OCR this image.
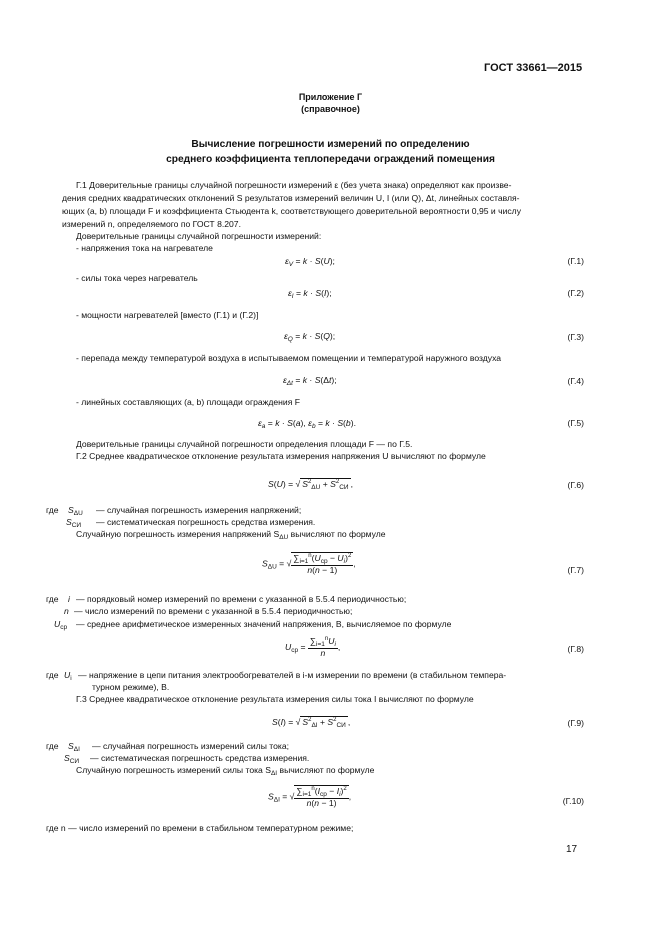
ГОСТ 33661—2015
Приложение Г
(справочное)
Вычисление погрешности измерений по определению
среднего коэффициента теплопередачи ограждений помещения
Г.1 Доверительные границы случайной погрешности измерений ε (без учета знака) определяют как произве-
дения средних квадратических отклонений S результатов измерений величин U, I (или Q), Δt, линейных составля-
ющих (a, b) площади F и коэффициента Стьюдента k, соответствующего доверительной вероятности 0,95 и числу
измерений n, определяемого по ГОСТ 8.207.
Доверительные границы случайной погрешности измерений:
- напряжения тока на нагревателе
$\varepsilon_V = k \cdot S(U)$;	(Г.1)
- силы тока через нагреватель
$\varepsilon_I = k \cdot S(I)$;	(Г.2)
- мощности нагревателей [вместо (Г.1) и (Г.2)]
$\varepsilon_Q = k \cdot S(Q)$;	(Г.3)
- перепада между температурой воздуха в испытываемом помещении и температурой наружного воздуха
$\varepsilon_{\Delta t} = k \cdot S(\Delta t)$;	(Г.4)
- линейных составляющих (a, b) площади ограждения F
$\varepsilon_a = k \cdot S(a)$, $\varepsilon_b = k \cdot S(b)$.	(Г.5)
Доверительные границы случайной погрешности определения площади F — по Г.5.
Г.2 Среднее квадратическое отклонение результата измерения напряжения U вычисляют по формуле
S(U) = √ $S^2_{\Delta U} + S^2_{СИ}$ ,	(Г.6)
где $S_{\Delta U}$ — случайная погрешность измерения напряжений;
$S_{СИ}$ — систематическая погрешность средства измерения.
Случайную погрешность измерения напряжений $S_{\Delta U}$ вычисляют по формуле
$S_{\Delta U}$ = √ $\frac{\sum_{i=1}^n(U_{ср} - U_i)^2}{n(n - 1)}$ ,
(Г.7)
где i — порядковый номер измерений по времени с указанной в 5.5.4 периодичностью;
n — число измерений по времени с указанной в 5.5.4 периодичностью;
$U_{ср}$ — среднее арифметическое измеренных значений напряжения, В, вычисляемое по формуле
$U_{ср} = \frac{\sum_{i=1}^nU_i}{n}$ ,	(Г.8)
где $U_i$ — напряжение в цепи питания электрообогревателей в i-м измерении по времени (в стабильном темпера-
турном режиме), В.
Г.3 Среднее квадратическое отклонение результата измерения силы тока I вычисляют по формуле
S(I) = √ $S^2_{\Delta I} + S^2_{СИ}$ ,	(Г.9)
где $S_{\Delta I}$ — случайная погрешность измерений силы тока;
$S_{СИ}$ — систематическая погрешность средства измерения.
Случайную погрешность измерений силы тока $S_{\Delta I}$ вычисляют по формуле
$S_{\Delta I}$ = √ $\frac{\sum_{i=1}^n(I_{ср} - I_i)^2}{n(n - 1)}$ ,	(Г.10)
где n — число измерений по времени в стабильном температурном режиме;
17
